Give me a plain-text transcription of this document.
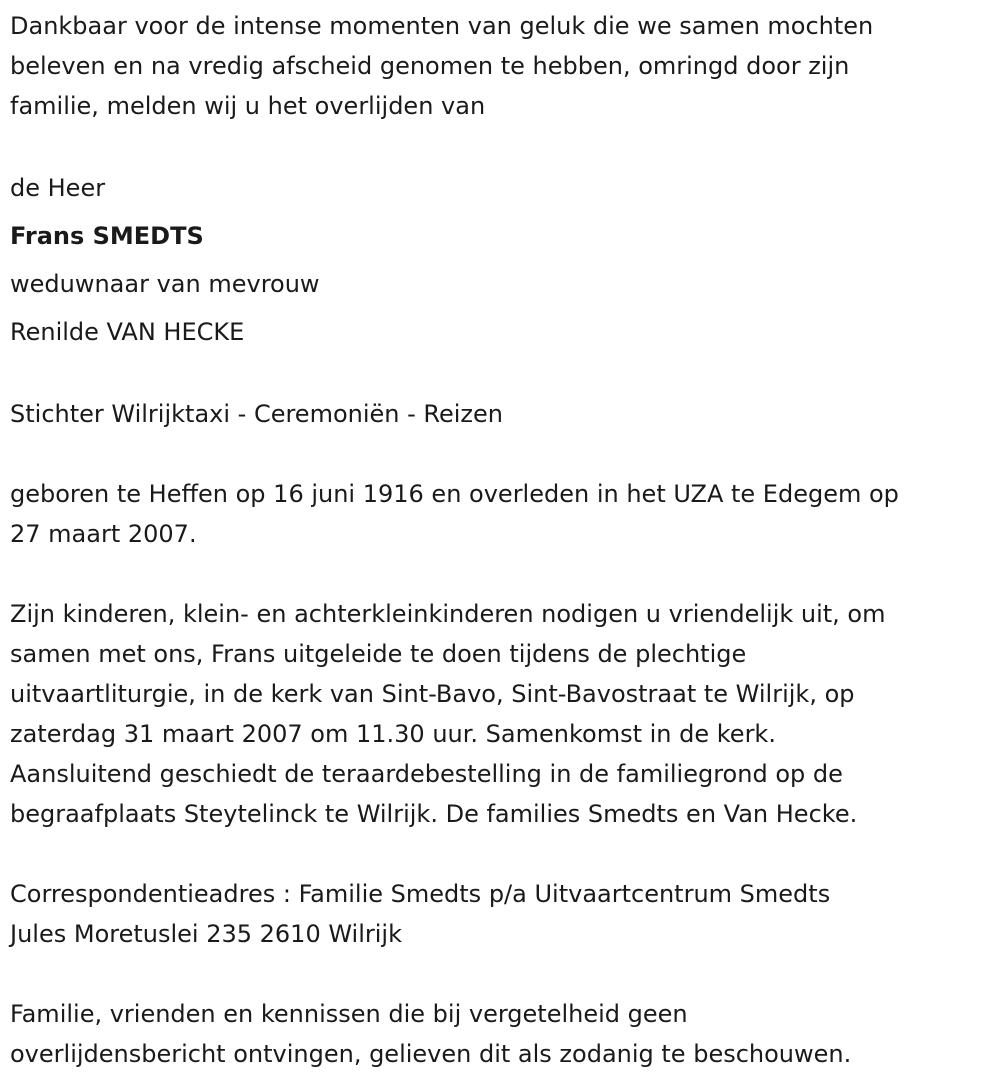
Dankbaar voor de intense momenten van geluk die we samen mochten
beleven en na vredig afscheid genomen te hebben, omringd door zijn
familie, melden wij u het overlijden van
de Heer
Frans SMEDTS
weduwnaar van mevrouw
Renilde VAN HECKE
Stichter Wilrijktaxi - Ceremoniën - Reizen
geboren te Heffen op 16 juni 1916 en overleden in het UZA te Edegem op
27 maart 2007.
Zijn kinderen, klein- en achterkleinkinderen nodigen u vriendelijk uit, om
samen met ons, Frans uitgeleide te doen tijdens de plechtige
uitvaartliturgie, in de kerk van Sint-Bavo, Sint-Bavostraat te Wilrijk, op
zaterdag 31 maart 2007 om 11.30 uur. Samenkomst in de kerk.
Aansluitend geschiedt de teraardebestelling in de familiegrond op de
begraafplaats Steytelinck te Wilrijk. De families Smedts en Van Hecke.
Correspondentieadres : Familie Smedts p/a Uitvaartcentrum Smedts
Jules Moretuslei 235 2610 Wilrijk
Familie, vrienden en kennissen die bij vergetelheid geen
overlijdensbericht ontvingen, gelieven dit als zodanig te beschouwen.
